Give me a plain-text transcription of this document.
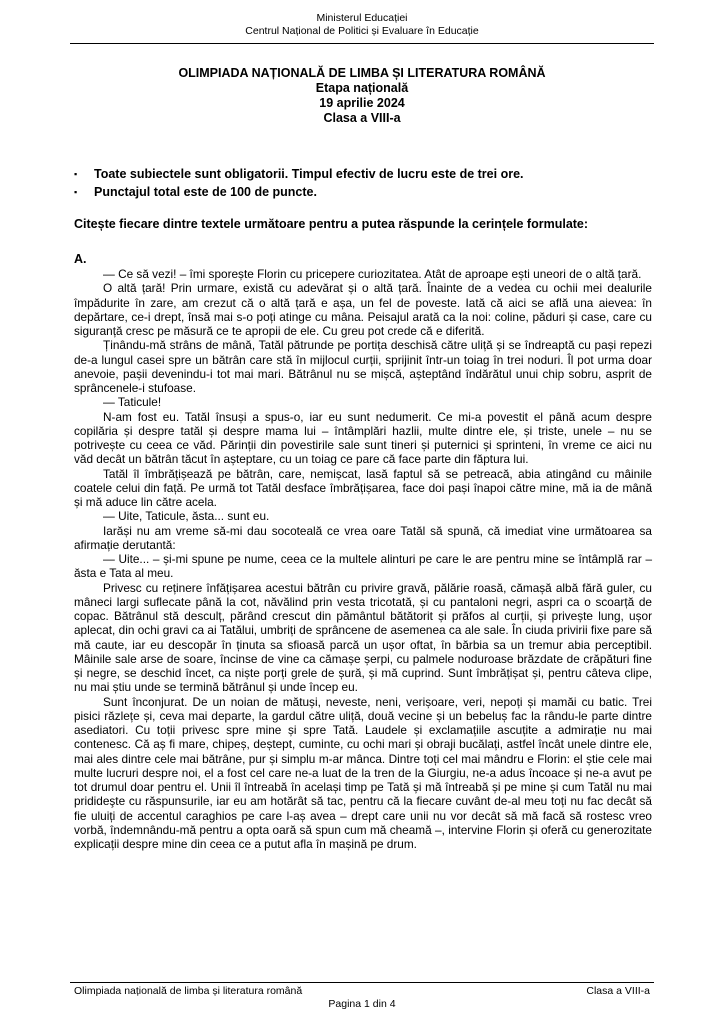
Ministerul Educației
Centrul Național de Politici și Evaluare în Educație
OLIMPIADA NAȚIONALĂ DE LIMBA ȘI LITERATURA ROMÂNĂ
Etapa națională
19 aprilie 2024
Clasa a VIII-a
▪ Toate subiectele sunt obligatorii. Timpul efectiv de lucru este de trei ore.
▪ Punctajul total este de 100 de puncte.
Citește fiecare dintre textele următoare pentru a putea răspunde la cerințele formulate:
A.

— Ce să vezi! – îmi sporește Florin cu pricepere curiozitatea. Atât de aproape ești uneori de o altă țară.

O altă țară! Prin urmare, există cu adevărat și o altă țară. Înainte de a vedea cu ochii mei dealurile împădurite în zare, am crezut că o altă țară e așa, un fel de poveste. Iată că aici se află una aievea: în depărtare, ce-i drept, însă mai s-o poți atinge cu mâna. Peisajul arată ca la noi: coline, păduri și case, care cu siguranță cresc pe măsură ce te apropii de ele. Cu greu pot crede că e diferită.

Ținându-mă strâns de mână, Tatăl pătrunde pe portița deschisă către uliță și se îndreaptă cu pași repezi de-a lungul casei spre un bătrân care stă în mijlocul curții, sprijinit într-un toiag în trei noduri. Îl pot urma doar anevoie, pașii devenindu-i tot mai mari. Bătrânul nu se mișcă, așteptând îndărătul unui chip sobru, asprit de sprâncenele-i stufoase.

— Taticule!

N-am fost eu. Tatăl însuși a spus-o, iar eu sunt nedumerit. Ce mi-a povestit el până acum despre copilăria și despre tatăl și despre mama lui – întâmplări hazlii, multe dintre ele, și triste, unele – nu se potrivește cu ceea ce văd. Părinții din povestirile sale sunt tineri și puternici și sprinteni, în vreme ce aici nu văd decât un bătrân tăcut în așteptare, cu un toiag ce pare că face parte din făptura lui.

Tatăl îl îmbrățișează pe bătrân, care, nemișcat, lasă faptul să se petreacă, abia atingând cu mâinile coatele celui din față. Pe urmă tot Tatăl desface îmbrățișarea, face doi pași înapoi către mine, mă ia de mână și mă aduce lin către acela.

— Uite, Taticule, ăsta... sunt eu.

Iarăși nu am vreme să-mi dau socoteală ce vrea oare Tatăl să spună, că imediat vine următoarea sa afirmație derutantă:

— Uite... – și-mi spune pe nume, ceea ce la multele alinturi pe care le are pentru mine se întâmplă rar – ăsta e Tata al meu.

Privesc cu reținere înfățișarea acestui bătrân cu privire gravă, pălărie roasă, cămașă albă fără guler, cu mâneci largi suflecate până la cot, năvălind prin vesta tricotată, și cu pantaloni negri, aspri ca o scoarță de copac. Bătrânul stă desculț, părând crescut din pământul bătătorit și prăfos al curții, și privește lung, ușor aplecat, din ochi gravi ca ai Tatălui, umbriți de sprâncene de asemenea ca ale sale. În ciuda privirii fixe pare să mă caute, iar eu descopăr în ținuta sa sfioasă parcă un ușor oftat, în bărbia sa un tremur abia perceptibil. Mâinile sale arse de soare, încinse de vine ca cămașe șerpi, cu palmele noduroase brăzdate de crăpături fine și negre, se deschid încet, ca niște porți grele de șură, și mă cuprind. Sunt îmbrățișat și, pentru câteva clipe, nu mai știu unde se termină bătrânul și unde încep eu.

Sunt înconjurat. De un noian de mătuși, neveste, neni, verișoare, veri, nepoți și mamăi cu batic. Trei pisici răzlețe și, ceva mai departe, la gardul către uliță, două vecine și un bebeluș fac la rându-le parte dintre asediatori. Cu toții privesc spre mine și spre Tată. Laudele și exclamațiile ascuțite a admirație nu mai contenesc. Că aș fi mare, chipeș, deștept, cuminte, cu ochi mari și obraji bucălați, astfel încât unele dintre ele, mai ales dintre cele mai bătrâne, pur și simplu m-ar mânca. Dintre toți cel mai mândru e Florin: el știe cele mai multe lucruri despre noi, el a fost cel care ne-a luat de la tren de la Giurgiu, ne-a adus încoace și ne-a avut pe tot drumul doar pentru el. Unii îl întreabă în același timp pe Tată și mă întreabă și pe mine și cum Tatăl nu mai pridideşte cu răspunsurile, iar eu am hotărât să tac, pentru că la fiecare cuvânt de-al meu toți nu fac decât să fie uluiți de accentul caraghios pe care l-aș avea – drept care unii nu vor decât să mă facă să rostesc vreo vorbă, îndemnându-mă pentru a opta oară să spun cum mă cheamă –, intervine Florin și oferă cu generozitate explicații despre mine din ceea ce a putut afla în mașină pe drum.

Olimpiada națională de limba și literatura română	Clasa a VIII-a
Pagina 1 din 4
